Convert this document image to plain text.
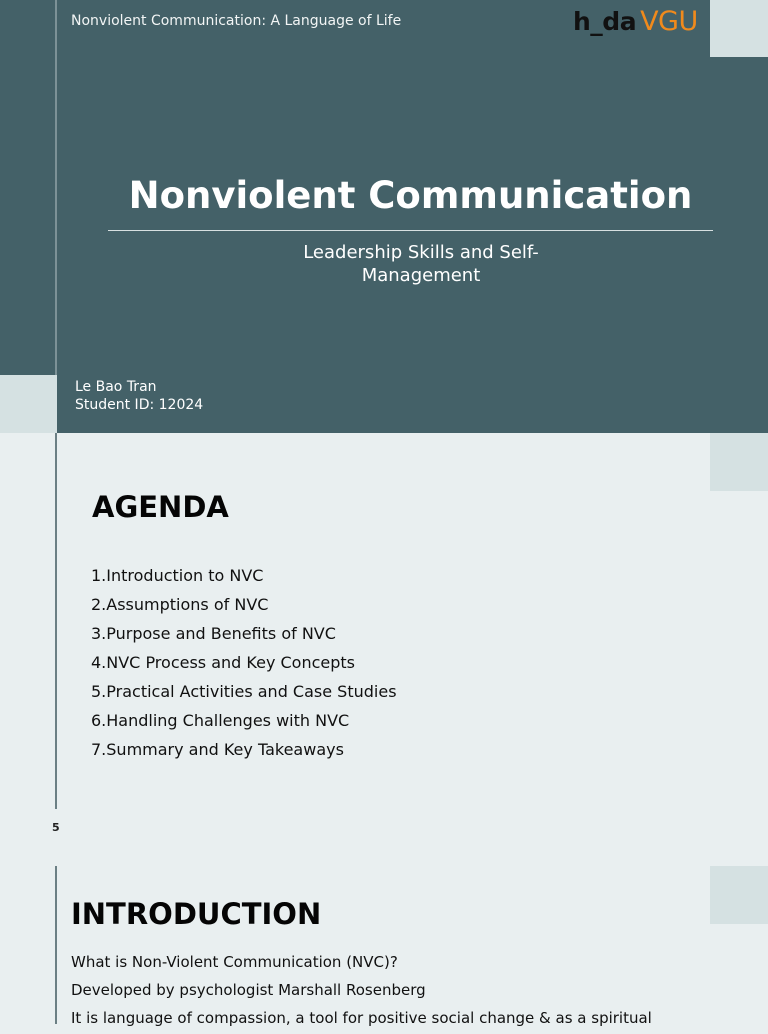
Nonviolent Communication: A Language of Life	h_da VGU
Nonviolent Communication
Leadership Skills and Self-Management
Le Bao Tran
Student ID: 12024
AGENDA
1.Introduction to NVC
2.Assumptions of NVC
3.Purpose and Benefits of NVC
4.NVC Process and Key Concepts
5.Practical Activities and Case Studies
6.Handling Challenges with NVC
7.Summary and Key Takeaways
5
INTRODUCTION
What is Non-Violent Communication (NVC)?
Developed by psychologist Marshall Rosenberg
It is language of compassion, a tool for positive social change & as a spiritual
